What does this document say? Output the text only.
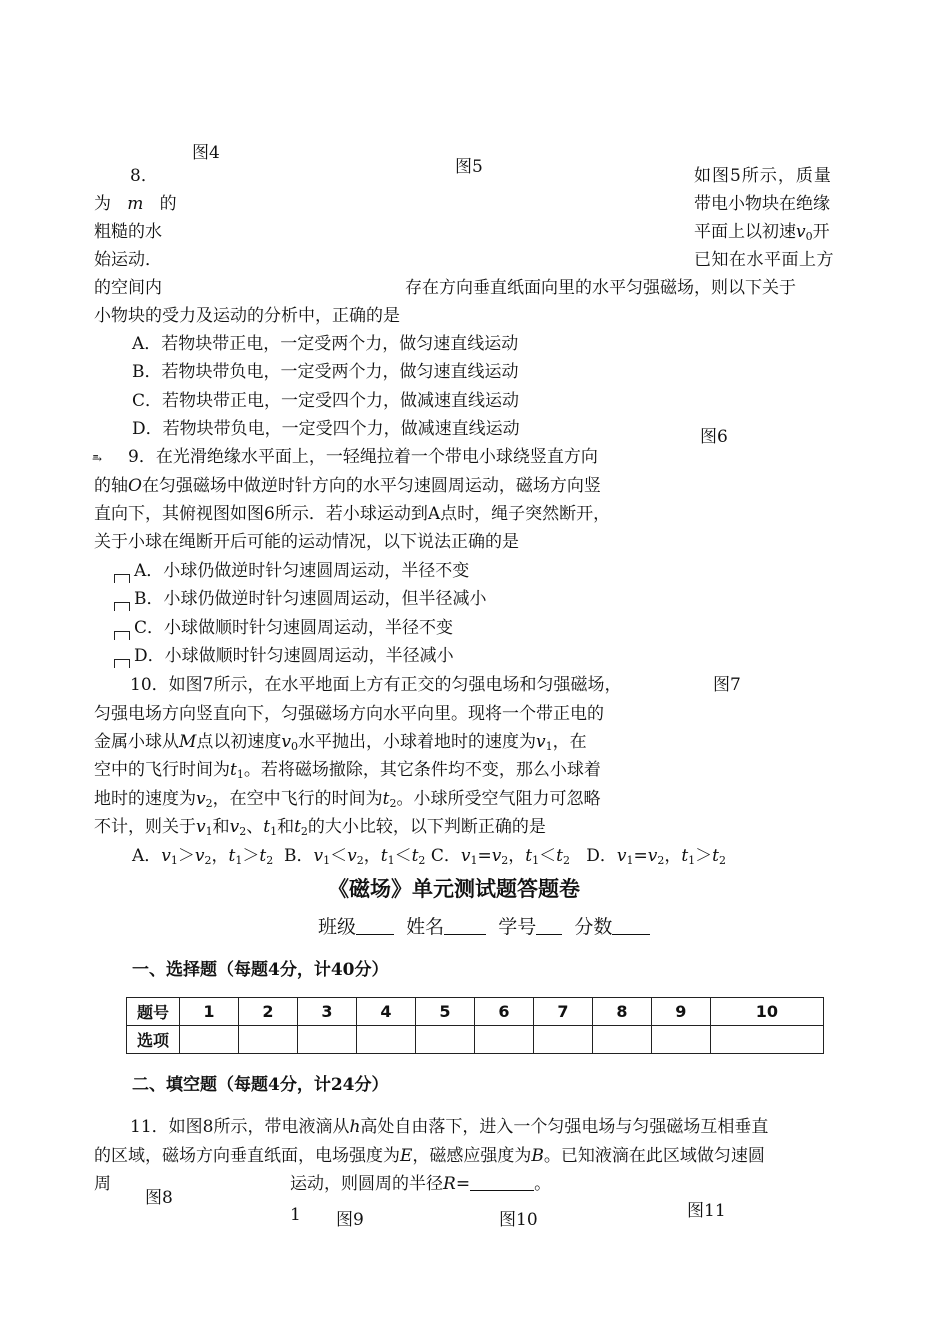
图4
图5
8．	如图5所示，质量
为 m 的	带电小物块在绝缘
粗糙的水	平面上以初速$v_0$开
始运动．	已知在水平面上方
的空间内	存在方向垂直纸面向里的水平匀强磁场，则以下关于
小物块的受力及运动的分析中，正确的是
A．若物块带正电，一定受两个力，做匀速直线运动
B．若物块带负电，一定受两个力，做匀速直线运动
C．若物块带正电，一定受四个力，做减速直线运动
D．若物块带负电，一定受四个力，做减速直线运动	图6
⥱ 9．在光滑绝缘水平面上，一轻绳拉着一个带电小球绕竖直方向
的轴O在匀强磁场中做逆时针方向的水平匀速圆周运动，磁场方向竖
直向下，其俯视图如图6所示．若小球运动到A点时，绳子突然断开，
关于小球在绳断开后可能的运动情况，以下说法正确的是
A．小球仍做逆时针匀速圆周运动，半径不变
B．小球仍做逆时针匀速圆周运动，但半径减小
C．小球做顺时针匀速圆周运动，半径不变
D．小球做顺时针匀速圆周运动，半径减小
10．如图7所示，在水平地面上方有正交的匀强电场和匀强磁场，	图7
匀强电场方向竖直向下，匀强磁场方向水平向里。现将一个带正电的
金属小球从M点以初速度$v_0$水平抛出，小球着地时的速度为$v_1$，在
空中的飞行时间为$t_1$。若将磁场撤除，其它条件均不变，那么小球着
地时的速度为$v_2$，在空中飞行的时间为$t_2$。小球所受空气阻力可忽略
不计，则关于$v_1$和$v_2$、$t_1$和$t_2$的大小比较，以下判断正确的是
A．$v_1>v_2$，$t_1>t_2$ B．$v_1<v_2$，$t_1<t_2$ C．$v_1=v_2$，$t_1<t_2$ D．$v_1=v_2$，$t_1>t_2$
《磁场》单元测试题答题卷
班级	姓名	学号 分数
一、选择题（每题4分，计40分）
题号	1	2	3	4	5	6	7	8	9	10
选项										
二、填空题（每题4分，计24分）
11．如图8所示，带电液滴从h高处自由落下，进入一个匀强电场与匀强磁场互相垂直
的区域，磁场方向垂直纸面，电场强度为E，磁感应强度为B。已知液滴在此区域做匀速圆
周
图8
运动，则圆周的半径R=	。
1 图9	图10	图11
